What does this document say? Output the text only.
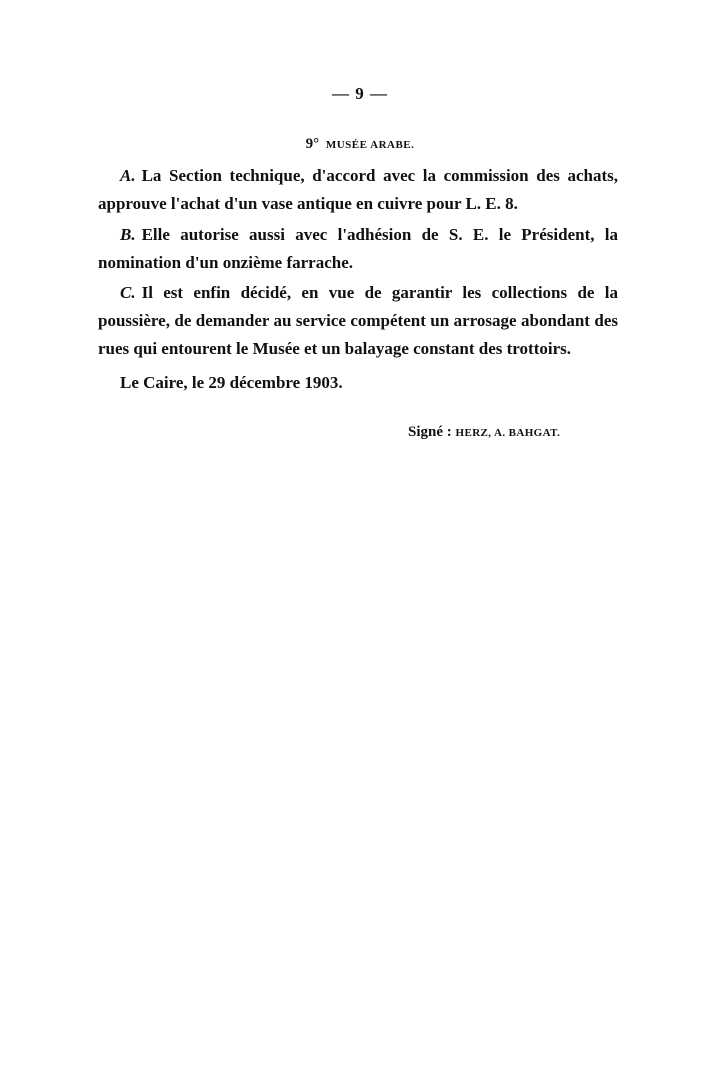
— 9 —
9° MUSÉE ARABE.

A. La Section technique, d'accord avec la commission des achats, approuve l'achat d'un vase antique en cuivre pour L. E. 8.

B. Elle autorise aussi avec l'adhésion de S. E. le Président, la nomination d'un onzième farrache.

C. Il est enfin décidé, en vue de garantir les collections de la poussière, de demander au service compétent un arrosage abondant des rues qui entourent le Musée et un balayage constant des trottoirs.

Le Caire, le 29 décembre 1903.
Signé : HERZ, A. BAHGAT.
